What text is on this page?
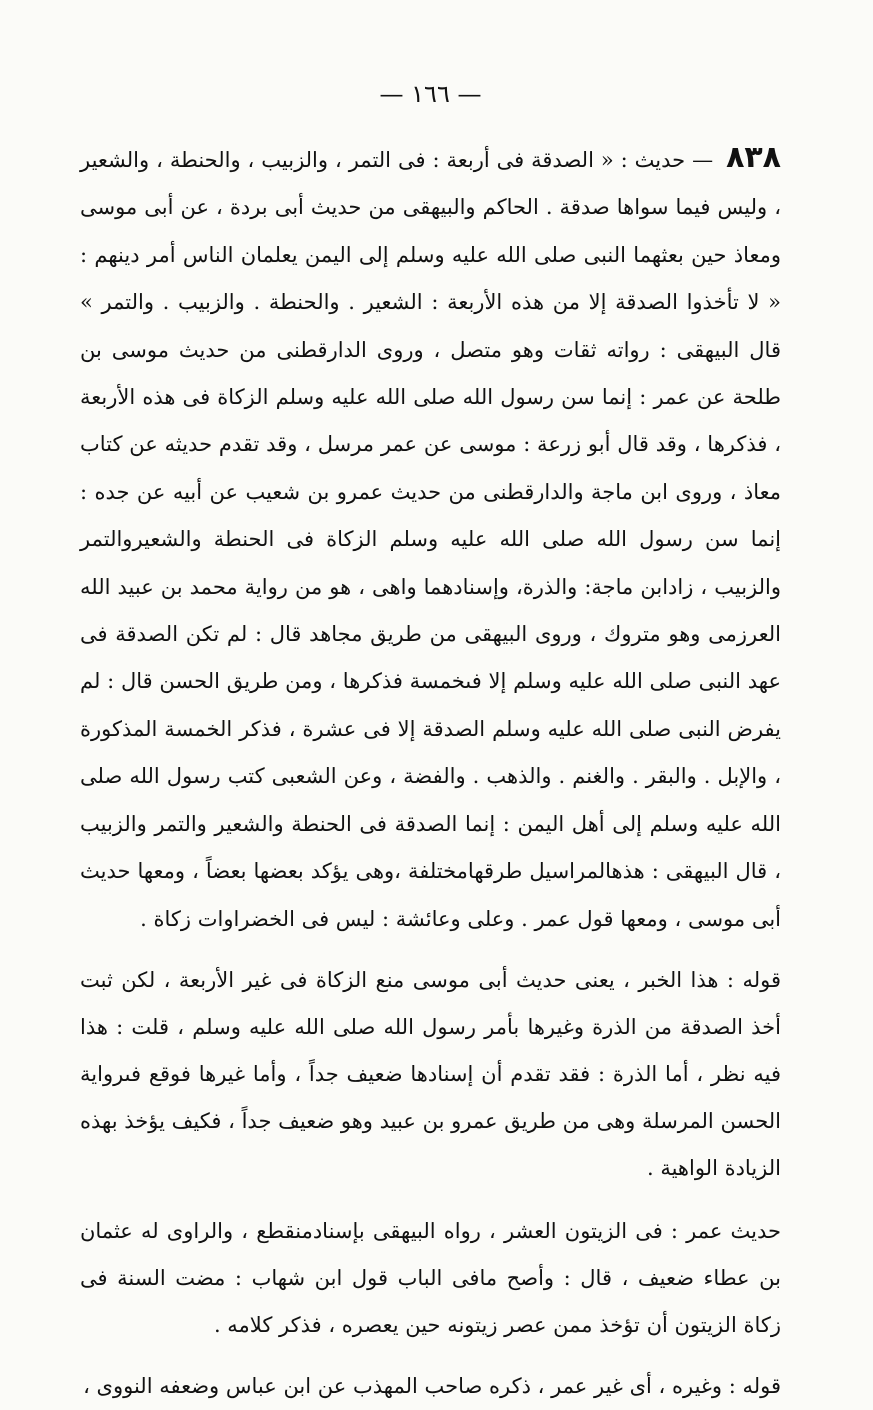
— ١٦٦ —

٨٣٨ — حديث : « الصدقة فى أربعة : فى التمر ، والزبيب ، والحنطة ، والشعير ، وليس فيما سواها صدقة . الحاكم والبيهقى من حديث أبى بردة ، عن أبى موسى ومعاذ حين بعثهما النبى صلى الله عليه وسلم إلى اليمن يعلمان الناس أمر دينهم : « لا تأخذوا الصدقة إلا من هذه الأربعة : الشعير . والحنطة . والزبيب . والتمر » قال البيهقى : رواته ثقات وهو متصل ، وروى الدارقطنى من حديث موسى بن طلحة عن عمر : إنما سن رسول الله صلى الله عليه وسلم الزكاة فى هذه الأربعة ، فذكرها ، وقد قال أبو زرعة : موسى عن عمر مرسل ، وقد تقدم حديثه عن كتاب معاذ ، وروى ابن ماجة والدارقطنى من حديث عمرو بن شعيب عن أبيه عن جده : إنما سن رسول الله صلى الله عليه وسلم الزكاة فى الحنطة والشعيروالتمر والزبيب ، زادابن ماجة: والذرة، وإسنادهما واهى ، هو من رواية محمد بن عبيد الله العرزمى وهو متروك ، وروى البيهقى من طريق مجاهد قال : لم تكن الصدقة فى عهد النبى صلى الله عليه وسلم إلا فىخمسة فذكرها ، ومن طريق الحسن قال : لم يفرض النبى صلى الله عليه وسلم الصدقة إلا فى عشرة ، فذكر الخمسة المذكورة ، والإبل . والبقر . والغنم . والذهب . والفضة ، وعن الشعبى كتب رسول الله صلى الله عليه وسلم إلى أهل اليمن : إنما الصدقة فى الحنطة والشعير والتمر والزبيب ، قال البيهقى : هذهالمراسيل طرقهامختلفة ،وهى يؤكد بعضها بعضاً ، ومعها حديث أبى موسى ، ومعها قول عمر . وعلى وعائشة : ليس فى الخضراوات زكاة .

قوله : هذا الخبر ، يعنى حديث أبى موسى منع الزكاة فى غير الأربعة ، لكن ثبت أخذ الصدقة من الذرة وغيرها بأمر رسول الله صلى الله عليه وسلم ، قلت : هذا فيه نظر ، أما الذرة : فقد تقدم أن إسنادها ضعيف جداً ، وأما غيرها فوقع فىرواية الحسن المرسلة وهى من طريق عمرو بن عبيد وهو ضعيف جداً ، فكيف يؤخذ بهذه الزيادة الواهية .

حديث عمر : فى الزيتون العشر ، رواه البيهقى بإسنادمنقطع ، والراوى له عثمان بن عطاء ضعيف ، قال : وأصح مافى الباب قول ابن شهاب : مضت السنة فى زكاة الزيتون أن تؤخذ ممن عصر زيتونه حين يعصره ، فذكر كلامه .

قوله : وغيره ، أى غير عمر ، ذكره صاحب المهذب عن ابن عباس وضعفه النووى ،
